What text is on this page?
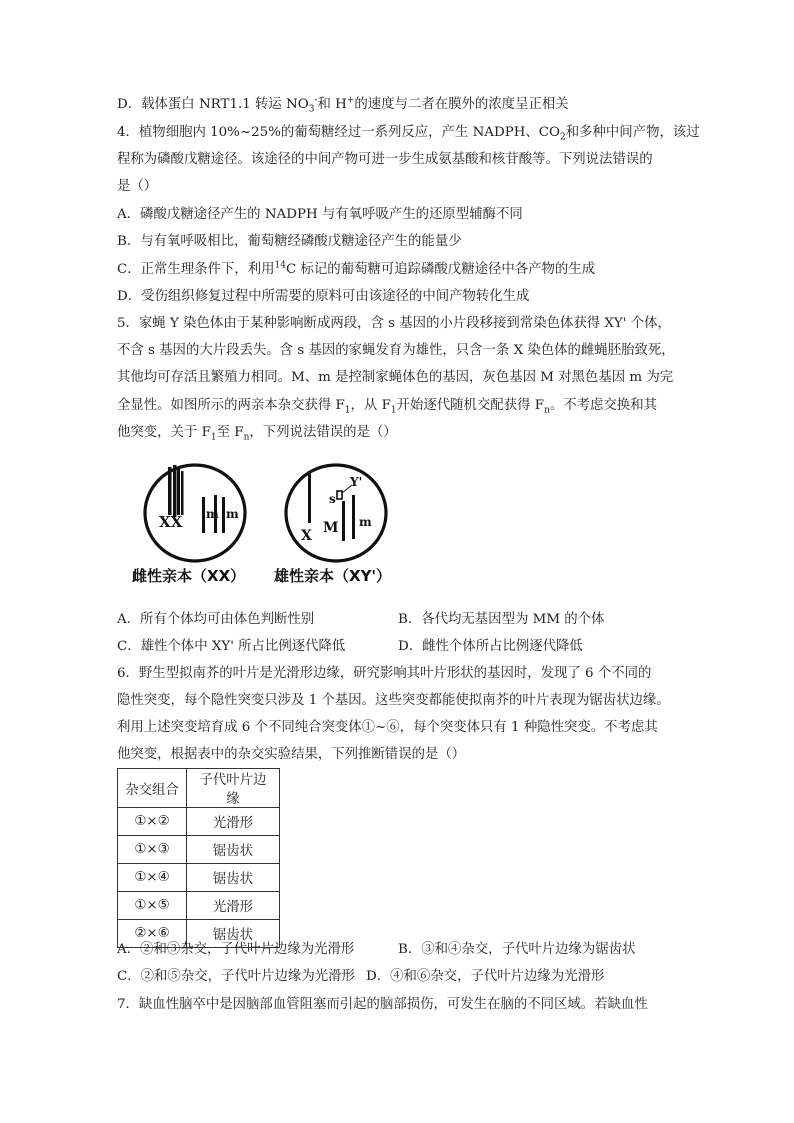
D．载体蛋白 NRT1.1 转运 $NO_3^-$和 H+的速度与二者在膜外的浓度呈正相关
4．植物细胞内 10%~25%的葡萄糖经过一系列反应，产生 NADPH、$CO_2$和多种中间产物，该过
程称为磷酸戊糖途径。该途径的中间产物可进一步生成氨基酸和核苷酸等。下列说法错误的
是（）
A．磷酸戊糖途径产生的 NADPH 与有氧呼吸产生的还原型辅酶不同
B．与有氧呼吸相比，葡萄糖经磷酸戊糖途径产生的能量少
C．正常生理条件下，利用$^{14}$C 标记的葡萄糖可追踪磷酸戊糖途径中各产物的生成
D．受伤组织修复过程中所需要的原料可由该途径的中间产物转化生成
5．家蝇 Y 染色体由于某种影响断成两段，含 s 基因的小片段移接到常染色体获得 XY' 个体，
不含 s 基因的大片段丢失。含 s 基因的家蝇发育为雄性，只含一条 X 染色体的雌蝇胚胎致死，
其他均可存活且繁殖力相同。M、m 是控制家蝇体色的基因，灰色基因 M 对黑色基因 m 为完
全显性。如图所示的两亲本杂交获得 $F_1$，从 $F_1$开始逐代随机交配获得 $F_n$。不考虑交换和其
他突变，关于 $F_1$至 $F_n$，下列说法错误的是（）
XX m m
X
s
M
Y'
m
雌性亲本（XX） 雄性亲本（XY'）
A．所有个体均可由体色判断性别	B．各代均无基因型为 MM 的个体
C．雄性个体中 XY' 所占比例逐代降低	D．雌性个体所占比例逐代降低
6．野生型拟南芥的叶片是光滑形边缘，研究影响其叶片形状的基因时，发现了 6 个不同的
隐性突变，每个隐性突变只涉及 1 个基因。这些突变都能使拟南芥的叶片表现为锯齿状边缘。
利用上述突变培育成 6 个不同纯合突变体①~⑥，每个突变体只有 1 种隐性突变。不考虑其
他突变，根据表中的杂交实验结果，下列推断错误的是（）
杂交组合	子代叶片边缘
①×②	光滑形
①×③	锯齿状
①×④	锯齿状
①×⑤	光滑形
②×⑥	锯齿状
A．②和③杂交，子代叶片边缘为光滑形	B．③和④杂交，子代叶片边缘为锯齿状
C．②和⑤杂交，子代叶片边缘为光滑形 D．④和⑥杂交，子代叶片边缘为光滑形
7．缺血性脑卒中是因脑部血管阻塞而引起的脑部损伤，可发生在脑的不同区域。若缺血性
